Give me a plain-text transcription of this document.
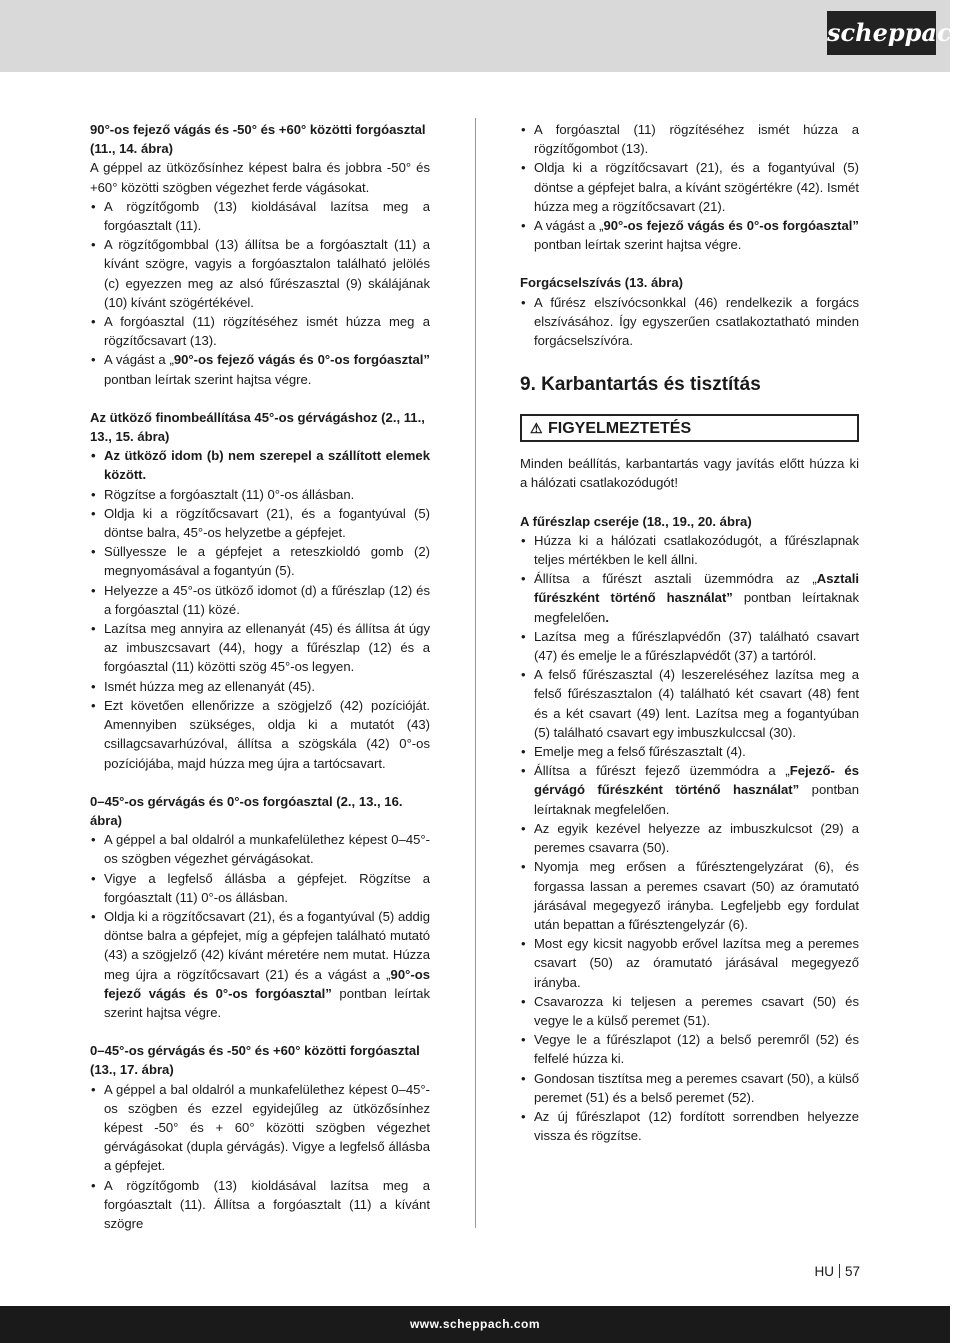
scheppach

90°-os fejező vágás és -50° és +60° közötti forgóasztal (11., 14. ábra)

A géppel az ütközősínhez képest balra és jobbra -50° és +60° közötti szögben végezhet ferde vágásokat.

• A rögzítőgomb (13) kioldásával lazítsa meg a forgóasztalt (11).
• A rögzítőgombbal (13) állítsa be a forgóasztalt (11) a kívánt szögre, vagyis a forgóasztalon található jelölés (c) egyezzen meg az alsó fűrészasztal (9) skálájának (10) kívánt szögértékével.
• A forgóasztal (11) rögzítéséhez ismét húzza meg a rögzítőcsavart (13).
• A vágást a „90°-os fejező vágás és 0°-os forgóasztal” pontban leírtak szerint hajtsa végre.

Az ütköző finombeállítása 45°-os gérvágáshoz (2., 11., 13., 15. ábra)

• Az ütköző idom (b) nem szerepel a szállított elemek között.
• Rögzítse a forgóasztalt (11) 0°-os állásban.
• Oldja ki a rögzítőcsavart (21), és a fogantyúval (5) döntse balra, 45°-os helyzetbe a gépfejet.
• Süllyessze le a gépfejet a reteszkioldó gomb (2) megnyomásával a fogantyún (5).
• Helyezze a 45°-os ütköző idomot (d) a fűrészlap (12) és a forgóasztal (11) közé.
• Lazítsa meg annyira az ellenanyát (45) és állítsa át úgy az imbuszcsavart (44), hogy a fűrészlap (12) és a forgóasztal (11) közötti szög 45°-os legyen.
• Ismét húzza meg az ellenanyát (45).
• Ezt követően ellenőrizze a szögjelző (42) pozícióját. Amennyiben szükséges, oldja ki a mutatót (43) csillagcsavarhúzóval, állítsa a szögskála (42) 0°-os pozíciójába, majd húzza meg újra a tartócsavart.

0–45°-os gérvágás és 0°-os forgóasztal (2., 13., 16. ábra)

• A géppel a bal oldalról a munkafelülethez képest 0–45°-os szögben végezhet gérvágásokat.
• Vigye a legfelső állásba a gépfejet. Rögzítse a forgóasztalt (11) 0°-os állásban.
• Oldja ki a rögzítőcsavart (21), és a fogantyúval (5) addig döntse balra a gépfejet, míg a gépfejen található mutató (43) a szögjelző (42) kívánt méretére nem mutat. Húzza meg újra a rögzítőcsavart (21) és a vágást a „90°-os fejező vágás és 0°-os forgóasztal” pontban leírtak szerint hajtsa végre.

0–45°-os gérvágás és -50° és +60° közötti forgóasztal (13., 17. ábra)

• A géppel a bal oldalról a munkafelülethez képest 0–45°-os szögben és ezzel egyidejűleg az ütközősínhez képest -50° és + 60° közötti szögben végezhet gérvágásokat (dupla gérvágás). Vigye a legfelső állásba a gépfejet.
• A rögzítőgomb (13) kioldásával lazítsa meg a forgóasztalt (11). Állítsa a forgóasztalt (11) a kívánt szögre
• A forgóasztal (11) rögzítéséhez ismét húzza a rögzítőgombot (13).
• Oldja ki a rögzítőcsavart (21), és a fogantyúval (5) döntse a gépfejet balra, a kívánt szögértékre (42). Ismét húzza meg a rögzítőcsavart (21).
• A vágást a „90°-os fejező vágás és 0°-os forgóasztal” pontban leírtak szerint hajtsa végre.

Forgácselszívás (13. ábra)

• A fűrész elszívócsonkkal (46) rendelkezik a forgács elszívásához. Így egyszerűen csatlakoztatható minden forgácselszívóra.

9. Karbantartás és tisztítás

⚠ FIGYELMEZTETÉS

Minden beállítás, karbantartás vagy javítás előtt húzza ki a hálózati csatlakozódugót!

A fűrészlap cseréje (18., 19., 20. ábra)

• Húzza ki a hálózati csatlakozódugót, a fűrészlapnak teljes mértékben le kell állni.
• Állítsa a fűrészt asztali üzemmódra az „Asztali fűrészként történő használat” pontban leírtaknak megfelelően.
• Lazítsa meg a fűrészlapvédőn (37) található csavart (47) és emelje le a fűrészlapvédőt (37) a tartóról.
• A felső fűrészasztal (4) leszereléséhez lazítsa meg a felső fűrészasztalon (4) található két csavart (48) fent és a két csavart (49) lent. Lazítsa meg a fogantyúban (5) található csavart egy imbuszkulccsal (30).
• Emelje meg a felső fűrészasztalt (4).
• Állítsa a fűrészt fejező üzemmódra a „Fejező- és gérvágó fűrészként történő használat” pontban leírtaknak megfelelően.
• Az egyik kezével helyezze az imbuszkulcsot (29) a peremes csavarra (50).
• Nyomja meg erősen a fűrésztengelyzárat (6), és forgassa lassan a peremes csavart (50) az óramutató járásával megegyező irányba. Legfeljebb egy fordulat után bepattan a fűrésztengelyzár (6).
• Most egy kicsit nagyobb erővel lazítsa meg a peremes csavart (50) az óramutató járásával megegyező irányba.
• Csavarozza ki teljesen a peremes csavart (50) és vegye le a külső peremet (51).
• Vegye le a fűrészlapot (12) a belső peremről (52) és felfelé húzza ki.
• Gondosan tisztítsa meg a peremes csavart (50), a külső peremet (51) és a belső peremet (52).
• Az új fűrészlapot (12) fordított sorrendben helyezze vissza és rögzítse.
HU 57
www.scheppach.com
